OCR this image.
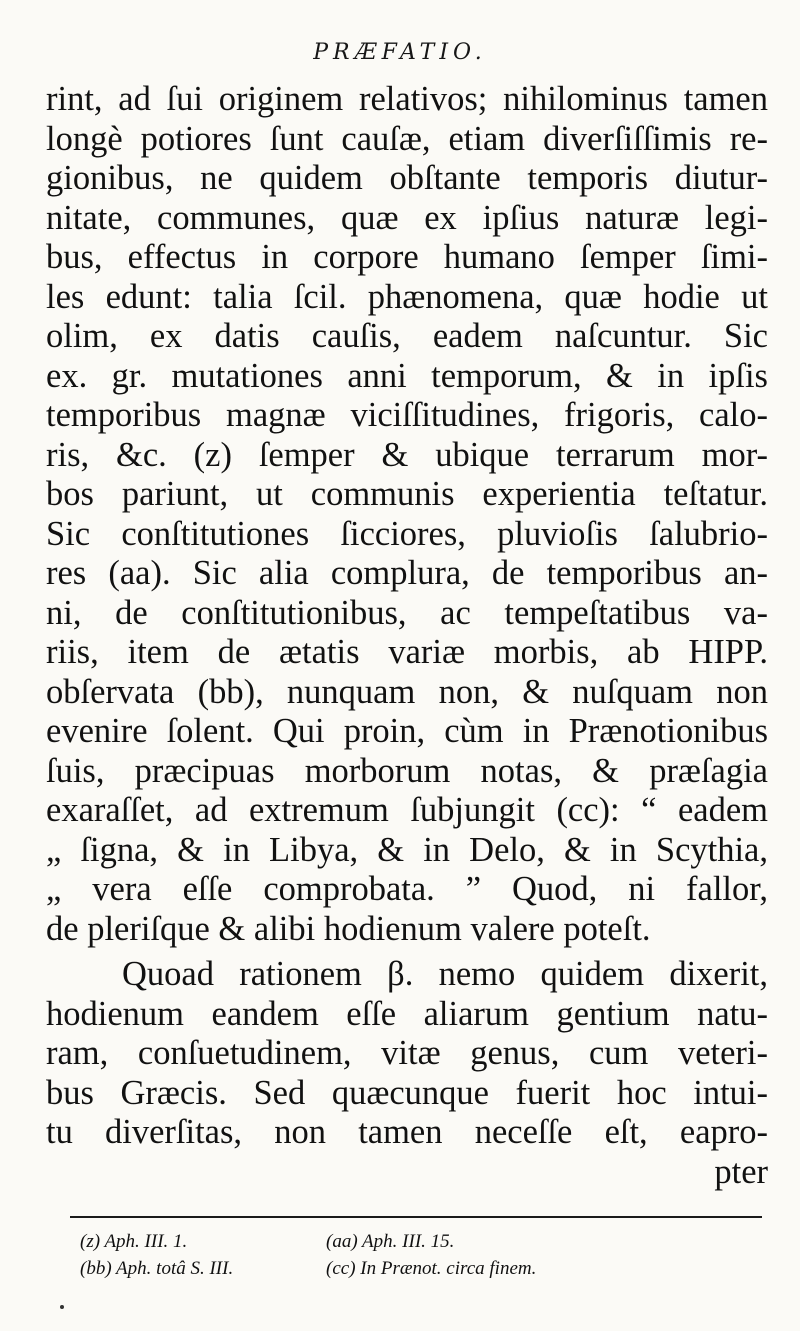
PRÆFATIO.
rint, ad ſui originem relativos; nihilominus tamen
longè potiores ſunt cauſæ, etiam diverſiſſimis re-
gionibus, ne quidem obſtante temporis diutur-
nitate, communes, quæ ex ipſius naturæ legi-
bus, effectus in corpore humano ſemper ſimi-
les edunt: talia ſcil. phænomena, quæ hodie ut
olim, ex datis cauſis, eadem naſcuntur. Sic
ex. gr. mutationes anni temporum, & in ipſis
temporibus magnæ viciſſitudines, frigoris, calo-
ris, &c. (z) ſemper & ubique terrarum mor-
bos pariunt, ut communis experientia teſtatur.
Sic conſtitutiones ſicciores, pluvioſis ſalubrio-
res (aa). Sic alia complura, de temporibus an-
ni, de conſtitutionibus, ac tempeſtatibus va-
riis, item de ætatis variæ morbis, ab HIPP.
obſervata (bb), nunquam non, & nuſquam non
evenire ſolent. Qui proin, cùm in Prænotionibus
ſuis, præcipuas morborum notas, & præſagia
exaraſſet, ad extremum ſubjungit (cc): “ eadem
„ ſigna, & in Libya, & in Delo, & in Scythia,
„ vera eſſe comprobata. ” Quod, ni fallor,
de pleriſque & alibi hodienum valere poteſt.
Quoad rationem β. nemo quidem dixerit,
hodienum eandem eſſe aliarum gentium natu-
ram, conſuetudinem, vitæ genus, cum veteri-
bus Græcis. Sed quæcunque fuerit hoc intui-
tu diverſitas, non tamen neceſſe eſt, eapro-
pter
(z) Aph. III. 1.	(aa) Aph. III. 15.
(bb) Aph. totâ S. III.	(cc) In Prænot. circa finem.
